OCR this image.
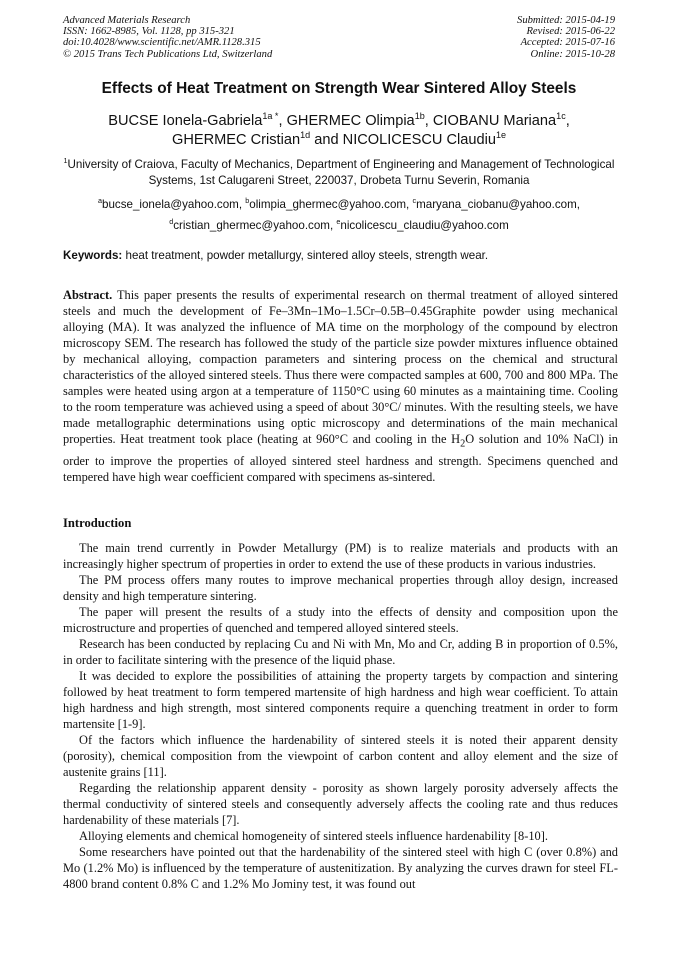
Advanced Materials Research
ISSN: 1662-8985, Vol. 1128, pp 315-321
doi:10.4028/www.scientific.net/AMR.1128.315
© 2015 Trans Tech Publications Ltd, Switzerland
Submitted: 2015-04-19
Revised: 2015-06-22
Accepted: 2015-07-16
Online: 2015-10-28
Effects of Heat Treatment on Strength Wear Sintered Alloy Steels
BUCSE Ionela-Gabriela$^{1a *}$, GHERMEC Olimpia$^{1b}$, CIOBANU Mariana$^{1c}$,
GHERMEC Cristian$^{1d}$ and NICOLICESCU Claudiu$^{1e}$
$^1$University of Craiova, Faculty of Mechanics, Department of Engineering and Management of Technological Systems, 1st Calugareni Street, 220037, Drobeta Turnu Severin, Romania
$^a$bucse_ionela@yahoo.com, $^b$olimpia_ghermec@yahoo.com, $^c$maryana_ciobanu@yahoo.com,
$^d$cristian_ghermec@yahoo.com, $^e$nicolicescu_claudiu@yahoo.com
Keywords: heat treatment, powder metallurgy, sintered alloy steels, strength wear.
Abstract. This paper presents the results of experimental research on thermal treatment of alloyed sintered steels and much the development of Fe–3Mn–1Mo–1.5Cr–0.5B–0.45Graphite powder using mechanical alloying (MA). It was analyzed the influence of MA time on the morphology of the compound by electron microscopy SEM. The research has followed the study of the particle size powder mixtures influence obtained by mechanical alloying, compaction parameters and sintering process on the chemical and structural characteristics of the alloyed sintered steels. Thus there were compacted samples at 600, 700 and 800 MPa. The samples were heated using argon at a temperature of 1150°C using 60 minutes as a maintaining time. Cooling to the room temperature was achieved using a speed of about 30°C/ minutes. With the resulting steels, we have made metallographic determinations using optic microscopy and determinations of the main mechanical properties. Heat treatment took place (heating at 960°C and cooling in the $H_2O$ solution and 10% NaCl) in order to improve the properties of alloyed sintered steel hardness and strength. Specimens quenched and tempered have high wear coefficient compared with specimens as-sintered.
Introduction

The main trend currently in Powder Metallurgy (PM) is to realize materials and products with an increasingly higher spectrum of properties in order to extend the use of these products in various industries.

The PM process offers many routes to improve mechanical properties through alloy design, increased density and high temperature sintering.

The paper will present the results of a study into the effects of density and composition upon the microstructure and properties of quenched and tempered alloyed sintered steels.

Research has been conducted by replacing Cu and Ni with Mn, Mo and Cr, adding B in proportion of 0.5%, in order to facilitate sintering with the presence of the liquid phase.

It was decided to explore the possibilities of attaining the property targets by compaction and sintering followed by heat treatment to form tempered martensite of high hardness and high wear coefficient. To attain high hardness and high strength, most sintered components require a quenching treatment in order to form martensite [1-9].

Of the factors which influence the hardenability of sintered steels it is noted their apparent density (porosity), chemical composition from the viewpoint of carbon content and alloy element and the size of austenite grains [11].

Regarding the relationship apparent density - porosity as shown largely porosity adversely affects the thermal conductivity of sintered steels and consequently adversely affects the cooling rate and thus reduces hardenability of these materials [7].

Alloying elements and chemical homogeneity of sintered steels influence hardenability [8-10].

Some researchers have pointed out that the hardenability of the sintered steel with high C (over 0.8%) and Mo (1.2% Mo) is influenced by the temperature of austenitization. By analyzing the curves drawn for steel FL-4800 brand content 0.8% C and 1.2% Mo Jominy test, it was found out
